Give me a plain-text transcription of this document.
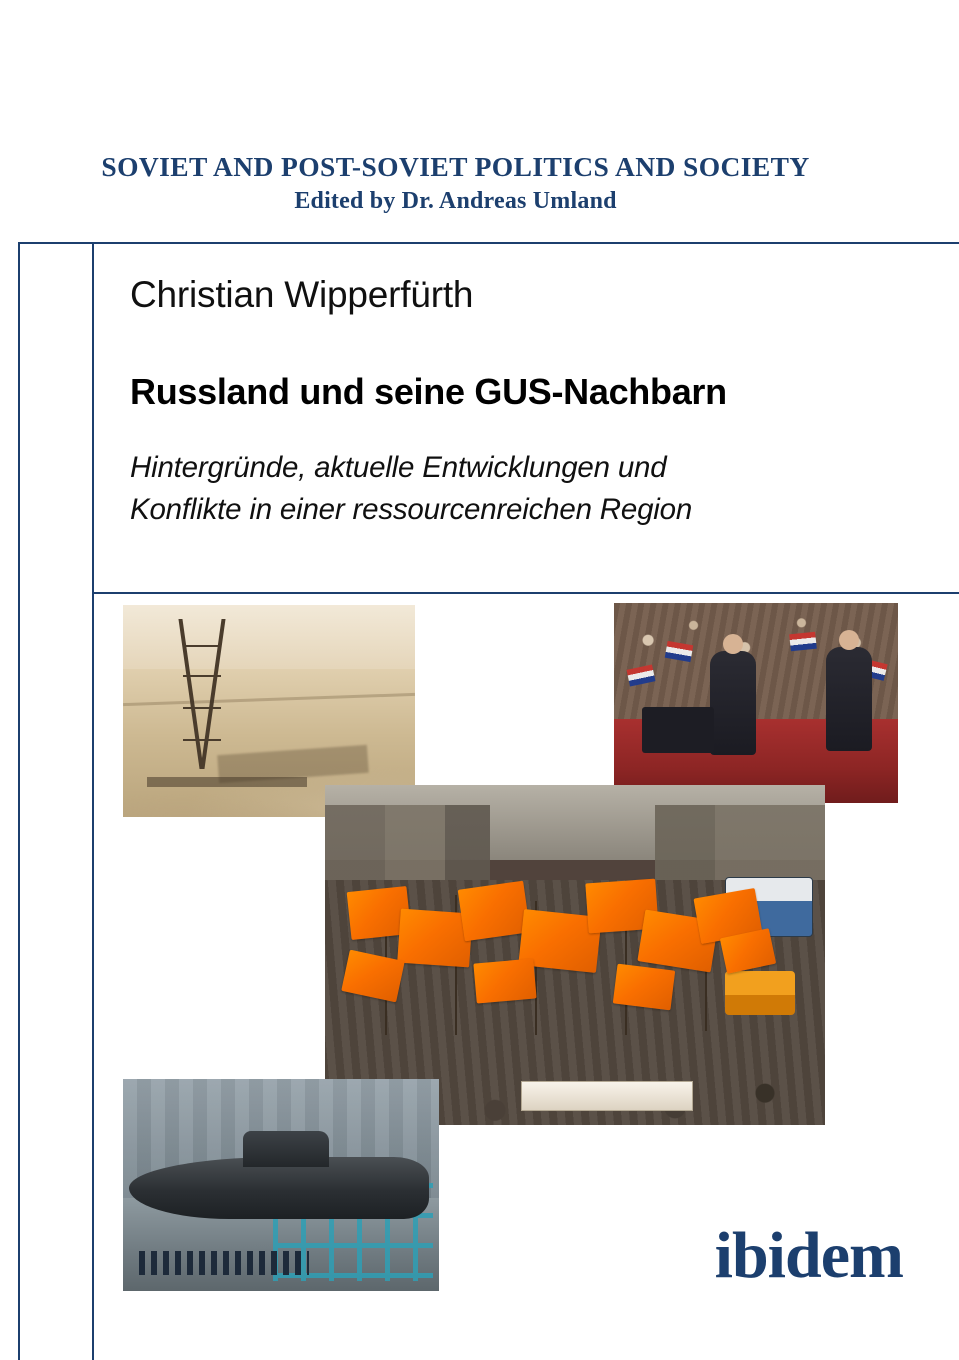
SOVIET AND POST-SOVIET POLITICS AND SOCIETY
Edited by Dr. Andreas Umland
Christian Wipperfürth
Russland und seine GUS-Nachbarn
Hintergründe, aktuelle Entwicklungen und
Konflikte in einer ressourcenreichen Region
ibidem
